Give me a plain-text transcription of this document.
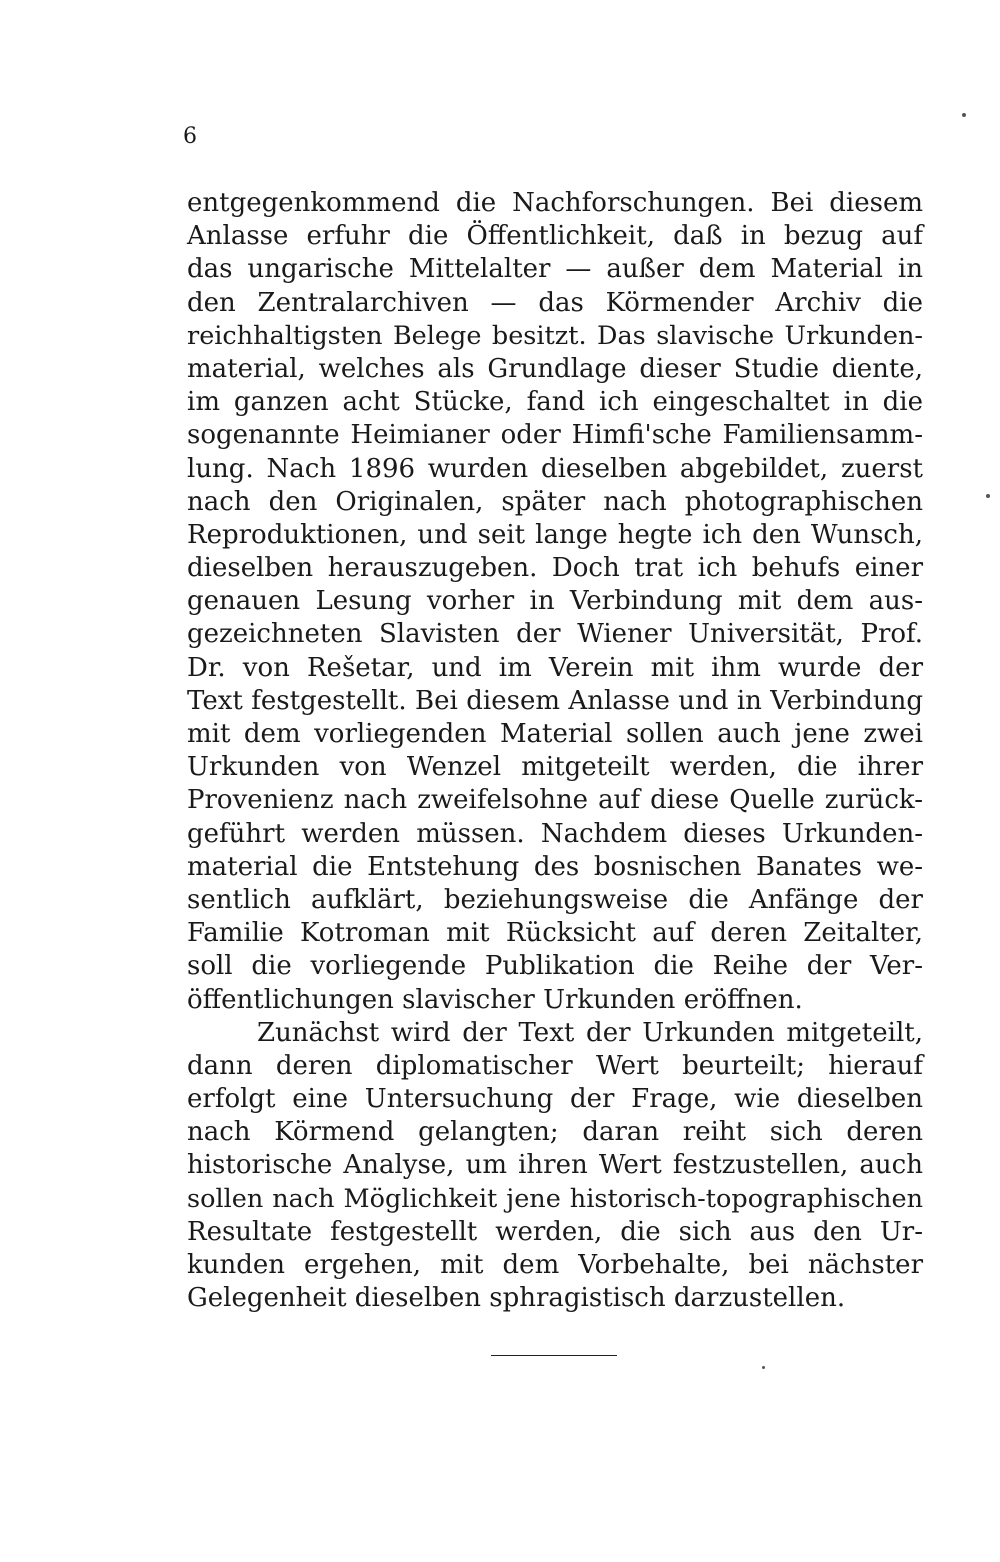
6
entgegenkommend die Nachforschungen. Bei diesem
Anlasse erfuhr die Öffentlichkeit, daß in bezug auf
das ungarische Mittelalter — außer dem Material in
den Zentralarchiven — das Körmender Archiv die
reichhaltigsten Belege besitzt. Das slavische Urkunden-
material, welches als Grundlage dieser Studie diente,
im ganzen acht Stücke, fand ich eingeschaltet in die
sogenannte Heimianer oder Himfi'sche Familiensamm-
lung. Nach 1896 wurden dieselben abgebildet, zuerst
nach den Originalen, später nach photographischen
Reproduktionen, und seit lange hegte ich den Wunsch,
dieselben herauszugeben. Doch trat ich behufs einer
genauen Lesung vorher in Verbindung mit dem aus-
gezeichneten Slavisten der Wiener Universität, Prof.
Dr. von Rešetar, und im Verein mit ihm wurde der
Text festgestellt. Bei diesem Anlasse und in Verbindung
mit dem vorliegenden Material sollen auch jene zwei
Urkunden von Wenzel mitgeteilt werden, die ihrer
Provenienz nach zweifelsohne auf diese Quelle zurück-
geführt werden müssen. Nachdem dieses Urkunden-
material die Entstehung des bosnischen Banates we-
sentlich aufklärt, beziehungsweise die Anfänge der
Familie Kotroman mit Rücksicht auf deren Zeitalter,
soll die vorliegende Publikation die Reihe der Ver-
öffentlichungen slavischer Urkunden eröffnen.
Zunächst wird der Text der Urkunden mitgeteilt,
dann deren diplomatischer Wert beurteilt; hierauf
erfolgt eine Untersuchung der Frage, wie dieselben
nach Körmend gelangten; daran reiht sich deren
historische Analyse, um ihren Wert festzustellen, auch
sollen nach Möglichkeit jene historisch-topographischen
Resultate festgestellt werden, die sich aus den Ur-
kunden ergehen, mit dem Vorbehalte, bei nächster
Gelegenheit dieselben sphragistisch darzustellen.
